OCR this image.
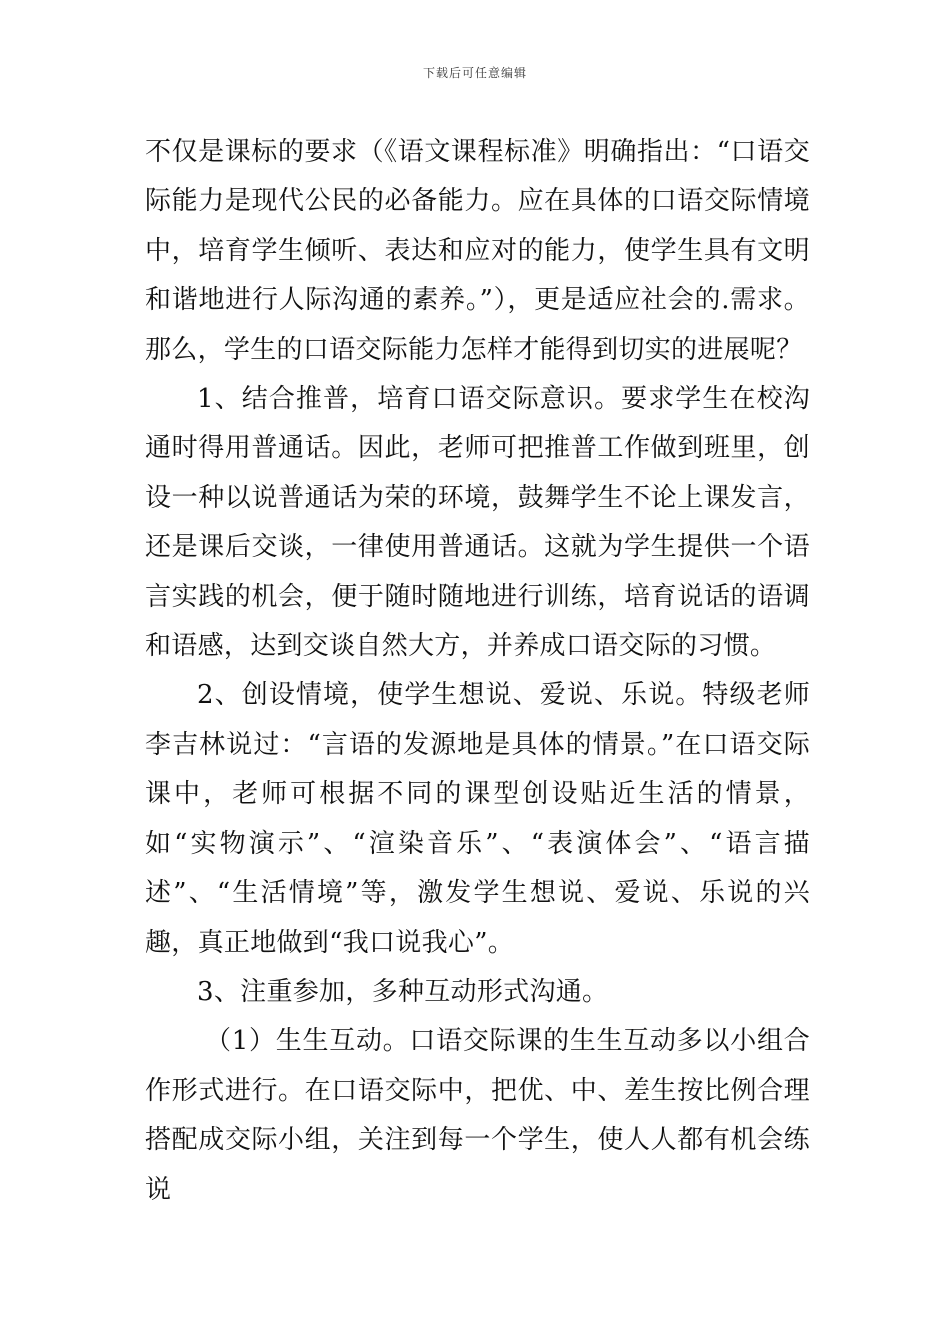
下载后可任意编辑

不仅是课标的要求（《语文课程标准》明确指出：“口语交际能力是现代公民的必备能力。应在具体的口语交际情境中，培育学生倾听、表达和应对的能力，使学生具有文明和谐地进行人际沟通的素养。”），更是适应社会的.需求。那么，学生的口语交际能力怎样才能得到切实的进展呢？

1、结合推普，培育口语交际意识。要求学生在校沟通时得用普通话。因此，老师可把推普工作做到班里，创设一种以说普通话为荣的环境，鼓舞学生不论上课发言，还是课后交谈，一律使用普通话。这就为学生提供一个语言实践的机会，便于随时随地进行训练，培育说话的语调和语感，达到交谈自然大方，并养成口语交际的习惯。

2、创设情境，使学生想说、爱说、乐说。特级老师李吉林说过：“言语的发源地是具体的情景。”在口语交际课中，老师可根据不同的课型创设贴近生活的情景，如“实物演示”、“渲染音乐”、“表演体会”、“语言描述”、“生活情境”等，激发学生想说、爱说、乐说的兴趣，真正地做到“我口说我心”。

3、注重参加，多种互动形式沟通。

（1）生生互动。口语交际课的生生互动多以小组合作形式进行。在口语交际中，把优、中、差生按比例合理搭配成交际小组，关注到每一个学生，使人人都有机会练说
